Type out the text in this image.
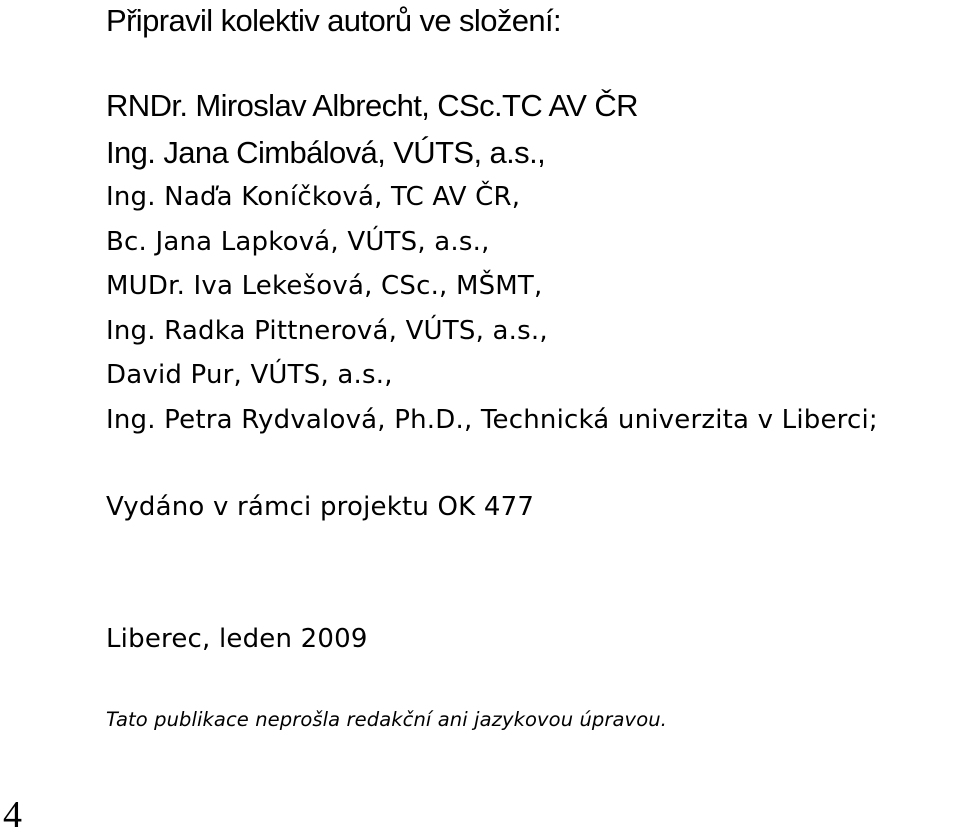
Připravil kolektiv autorů ve složení:
RNDr. Miroslav Albrecht, CSc.TC AV ČR
Ing. Jana Cimbálová, VÚTS, a.s.,
Ing. Naďa Koníčková, TC AV ČR,
Bc. Jana Lapková, VÚTS, a.s.,
MUDr. Iva Lekešová, CSc., MŠMT,
Ing. Radka Pittnerová, VÚTS, a.s.,
David Pur, VÚTS, a.s.,
Ing. Petra Rydvalová, Ph.D., Technická univerzita v Liberci;
Vydáno v rámci projektu OK 477
Liberec, leden 2009
Tato publikace neprošla redakční ani jazykovou úpravou.
4
